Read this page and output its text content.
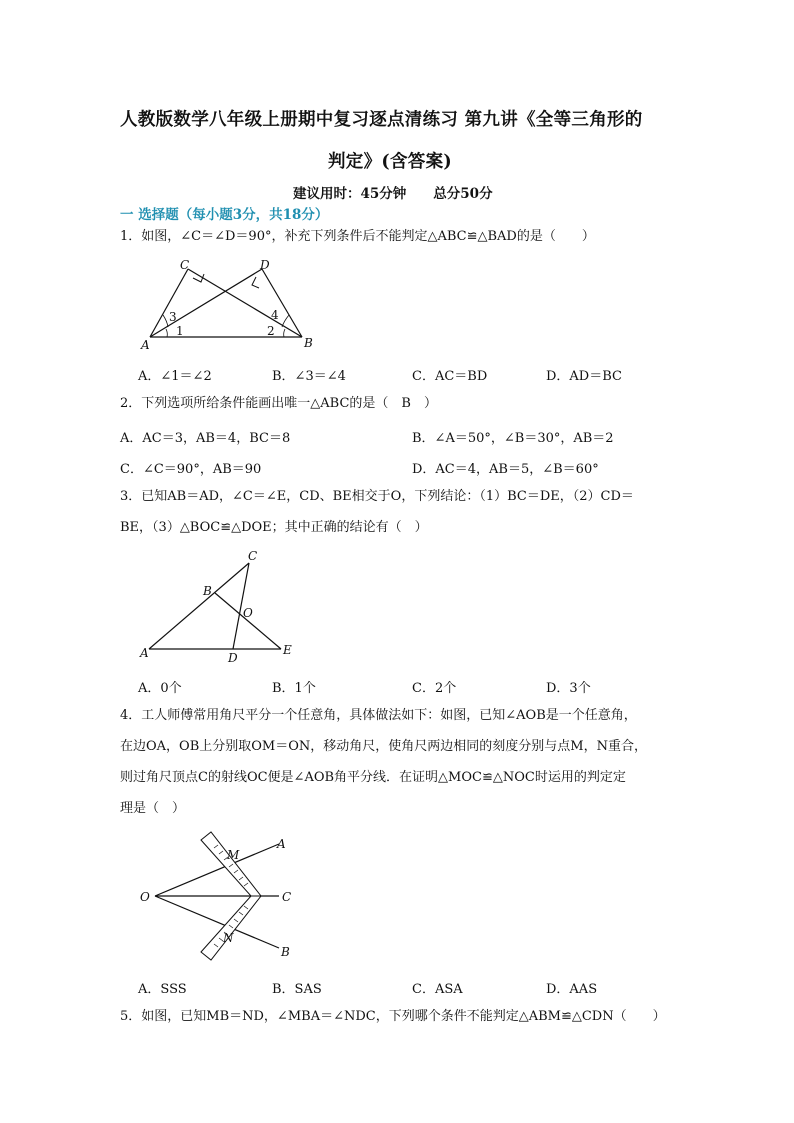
人教版数学八年级上册期中复习逐点清练习 第九讲《全等三角形的
判定》(含答案)
建议用时：45分钟　　总分50分
一 选择题（每小题3分，共18分）
1．如图，∠C＝∠D＝90°，补充下列条件后不能判定△ABC≌△BAD的是（　　）
C	D
A	B
3
1
4
2
A．∠1＝∠2	B．∠3＝∠4	C．AC＝BD	D．AD＝BC
2．下列选项所给条件能画出唯一△ABC的是（　B　）
A．AC＝3，AB＝4，BC＝8	B．∠A＝50°，∠B＝30°，AB＝2
C．∠C＝90°，AB＝90	D．AC＝4，AB＝5，∠B＝60°
3．已知AB＝AD，∠C＝∠E，CD、BE相交于O，下列结论：（1）BC＝DE，（2）CD＝
BE，（3）△BOC≌△DOE；其中正确的结论有（　）
C
B
O
A	D
E
A．0个	B．1个	C．2个	D．3个
4．工人师傅常用角尺平分一个任意角，具体做法如下：如图，已知∠AOB是一个任意角，
在边OA，OB上分别取OM＝ON，移动角尺，使角尺两边相同的刻度分别与点M，N重合，
则过角尺顶点C的射线OC便是∠AOB角平分线．在证明△MOC≌△NOC时运用的判定定
理是（　）
O
M
A
C
N
B
A．SSS	B．SAS	C．ASA	D．AAS
5．如图，已知MB＝ND，∠MBA＝∠NDC，下列哪个条件不能判定△ABM≌△CDN（　　）
